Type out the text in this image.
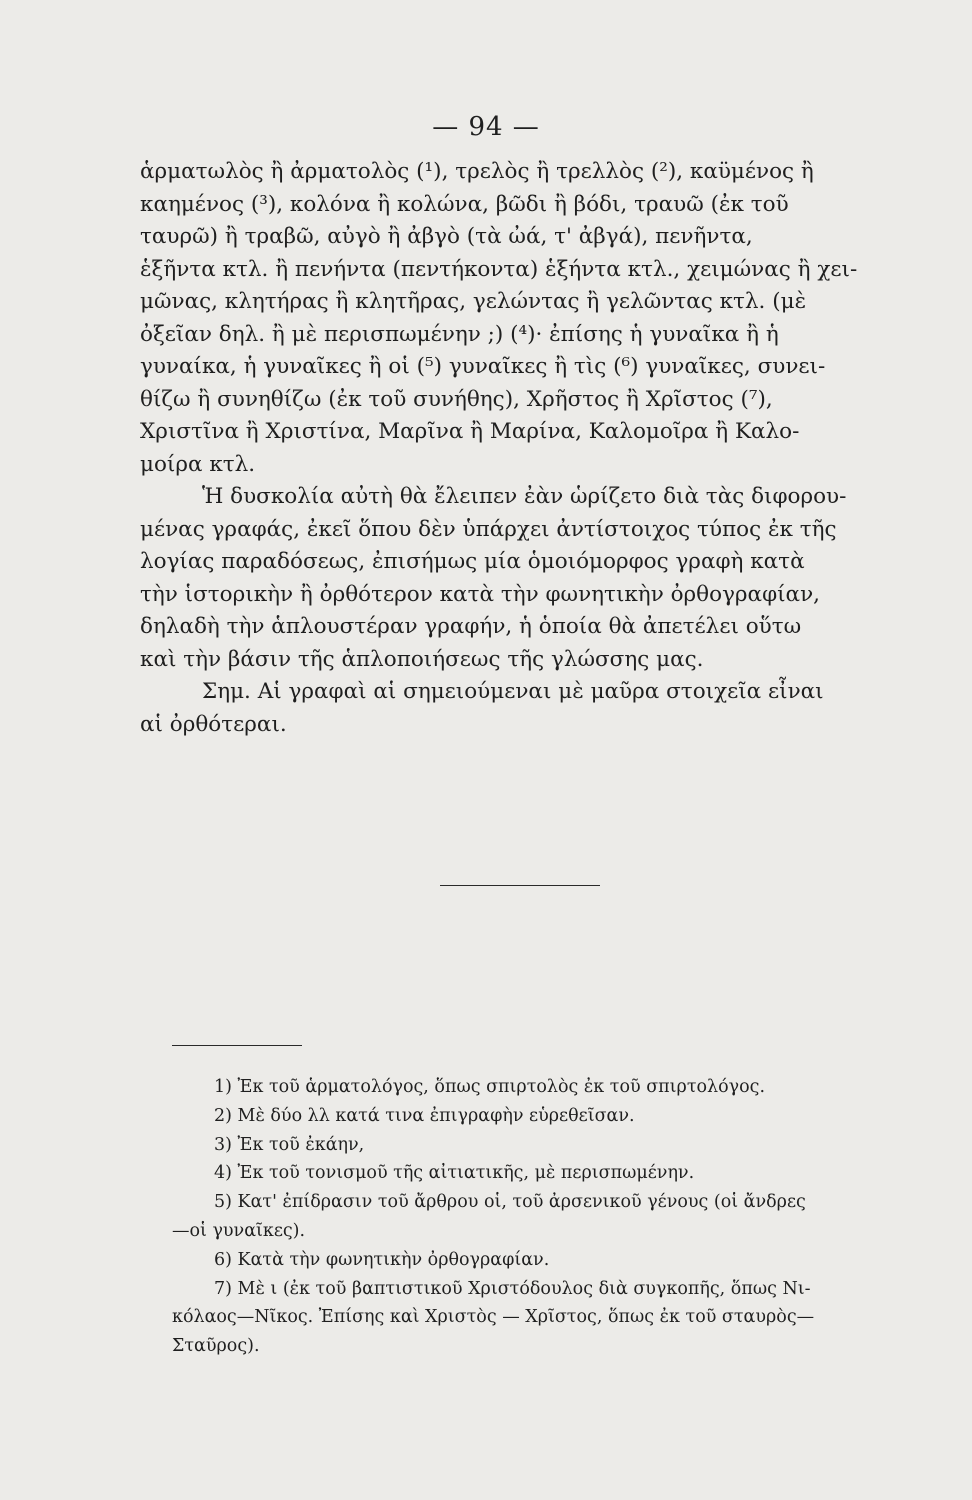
— 94 —
ἁρματωλὸς ἢ ἀρματολὸς (¹), τρελὸς ἢ τρελλὸς (²), καϋμένος ἢ
καημένος (³), κολόνα ἢ κολώνα, βῶδι ἢ βόδι, τραυῶ (ἐκ τοῦ
ταυρῶ) ἢ τραβῶ, αὐγὸ ἢ ἀβγὸ (τὰ ὠά, τ' ἀβγά), πενῆντα,
ἑξῆντα κτλ. ἢ πενήντα (πεντήκοντα) ἑξήντα κτλ., χειμώνας ἢ χει-
μῶνας, κλητήρας ἢ κλητῆρας, γελώντας ἢ γελῶντας κτλ. (μὲ
ὀξεῖαν δηλ. ἢ μὲ περισπωμένην ;) (⁴)· ἐπίσης ἡ γυναῖκα ἢ ἡ
γυναίκα, ἡ γυναῖκες ἢ οἱ (⁵) γυναῖκες ἢ τὶς (⁶) γυναῖκες, συνει-
θίζω ἢ συνηθίζω (ἐκ τοῦ συνήθης), Χρῆστος ἢ Χρῖστος (⁷),
Χριστῖνα ἢ Χριστίνα, Μαρῖνα ἢ Μαρίνα, Καλομοῖρα ἢ Καλο-
μοίρα κτλ.
Ἡ δυσκολία αὐτὴ θὰ ἔλειπεν ἐὰν ὡρίζετο διὰ τὰς διφορου-
μένας γραφάς, ἐκεῖ ὅπου δὲν ὑπάρχει ἀντίστοιχος τύπος ἐκ τῆς
λογίας παραδόσεως, ἐπισήμως μία ὁμοιόμορφος γραφὴ κατὰ
τὴν ἱστορικὴν ἢ ὀρθότερον κατὰ τὴν φωνητικὴν ὀρθογραφίαν,
δηλαδὴ τὴν ἁπλουστέραν γραφήν, ἡ ὁποία θὰ ἀπετέλει οὕτω
καὶ τὴν βάσιν τῆς ἁπλοποιήσεως τῆς γλώσσης μας.
Σημ. Αἱ γραφαὶ αἱ σημειούμεναι μὲ μαῦρα στοιχεῖα εἶναι
αἱ ὀρθότεραι.
1) Ἐκ τοῦ ἁρματολόγος, ὅπως σπιρτολὸς ἐκ τοῦ σπιρτολόγος.
2) Μὲ δύο λλ κατά τινα ἐπιγραφὴν εὑρεθεῖσαν.
3) Ἐκ τοῦ ἐκάην,
4) Ἐκ τοῦ τονισμοῦ τῆς αἰτιατικῆς, μὲ περισπωμένην.
5) Κατ' ἐπίδρασιν τοῦ ἄρθρου οἱ, τοῦ ἀρσενικοῦ γένους (οἱ ἄνδρες
—οἱ γυναῖκες).
6) Κατὰ τὴν φωνητικὴν ὀρθογραφίαν.
7) Μὲ ι (ἐκ τοῦ βαπτιστικοῦ Χριστόδουλος διὰ συγκοπῆς, ὅπως Νι-
κόλαος—Νῖκος. Ἐπίσης καὶ Χριστὸς — Χρῖστος, ὅπως ἐκ τοῦ σταυρὸς—
Σταῦρος).
